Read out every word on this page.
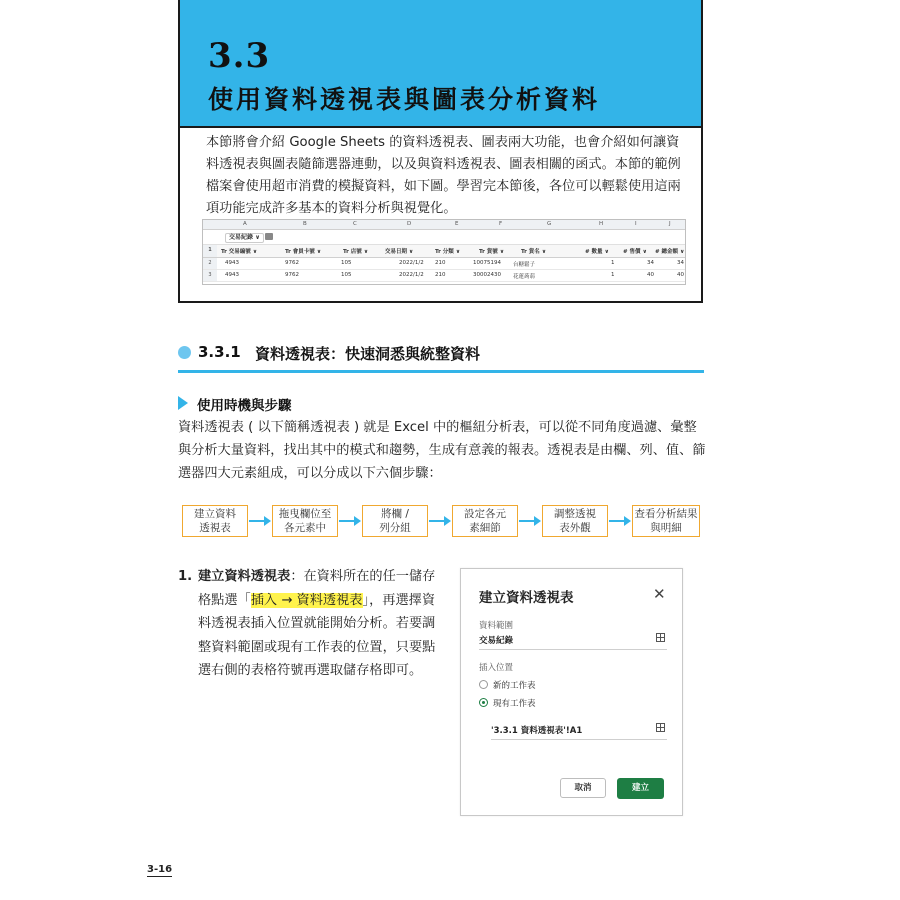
3.3
使用資料透視表與圖表分析資料
本節將會介紹 Google Sheets 的資料透視表、圖表兩大功能，也會介紹如何讓資料透視表與圖表隨篩選器連動，以及與資料透視表、圖表相關的函式。本節的範例檔案會使用超市消費的模擬資料，如下圖。學習完本節後，各位可以輕鬆使用這兩項功能完成許多基本的資料分析與視覺化。
A	B	C	D	E	F	G	H	I	J
交易紀錄 ∨
1	Tr 交易編號 ∨	Tr 會員卡號 ∨	Tr 店號 ∨	交易日期 ∨	Tr 分類 ∨	Tr 貨號 ∨	Tr 貨名 ∨	# 數量 ∨	# 售價 ∨ # 總金額 ∨
2	4943	9762	105	2022/1/2 210	10075194 台糖鬆子	1	34	34
3	4943	9762	105	2022/1/2 210	30002430 花蓮蒟蒻	1	40	40
3.3.1 資料透視表：快速洞悉與統整資料
使用時機與步驟
資料透視表 ( 以下簡稱透視表 ) 就是 Excel 中的樞紐分析表，可以從不同角度過濾、彙整與分析大量資料，找出其中的模式和趨勢，生成有意義的報表。透視表是由欄、列、值、篩選器四大元素組成，可以分成以下六個步驟：
建立資料
透視表
拖曳欄位至
各元素中
將欄 /
列分組
設定各元
素細節
調整透視
表外觀
查看分析結果
與明細
1. 建立資料透視表：在資料所在的任一儲存格點選「插入 → 資料透視表」，再選擇資料透視表插入位置就能開始分析。若要調整資料範圍或現有工作表的位置，只要點選右側的表格符號再選取儲存格即可。
建立資料透視表	✕
資料範圍
交易紀錄
插入位置
新的工作表
現有工作表
'3.3.1 資料透視表'!A1
取消	建立
3-16
